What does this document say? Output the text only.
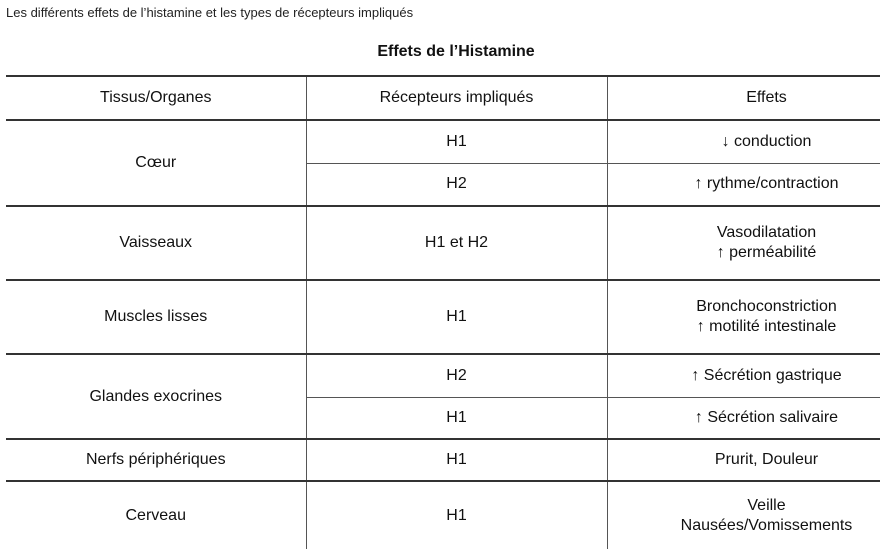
Les différents effets de l’histamine et les types de récepteurs impliqués
Effets de l’Histamine
Tissus/Organes	Récepteurs impliqués	Effets
Cœur	H1	↓ conduction

	H2	↑ rythme/contraction

Vaisseaux	H1 et H2	Vasodilatation
↑ perméabilité

Muscles lisses	H1	Bronchoconstriction
↑ motilité intestinale

Glandes exocrines	H2	↑ Sécrétion gastrique

	H1	↑ Sécrétion salivaire

Nerfs périphériques	H1	Prurit, Douleur

Cerveau	H1	Veille
Nausées/Vomissements
